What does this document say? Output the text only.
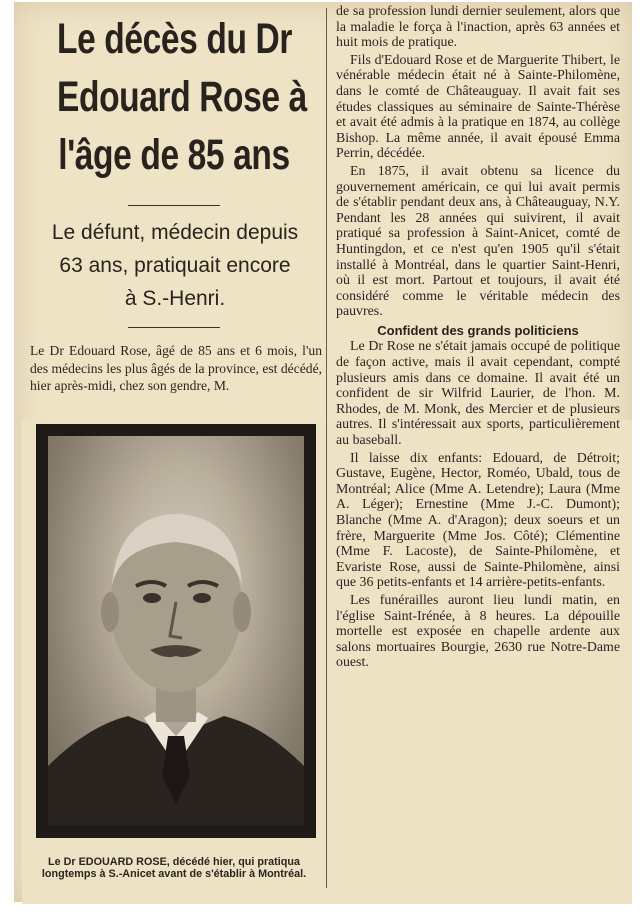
Le décès du Dr
Edouard Rose à
l'âge de 85 ans
Le défunt, médecin depuis
63 ans, pratiquait encore
à S.-Henri.
Le Dr Edouard Rose, âgé de 85 ans et 6 mois, l'un des médecins les plus âgés de la province, est décédé, hier après-midi, chez son gendre, M.
Le Dr EDOUARD ROSE, décédé hier, qui pratiqua longtemps à S.-Anicet avant de s'établir à Montréal.

de sa profession lundi dernier seulement, alors que la maladie le força à l'inaction, après 63 années et huit mois de pratique.

Fils d'Edouard Rose et de Marguerite Thibert, le vénérable médecin était né à Sainte-Philomène, dans le comté de Châteauguay. Il avait fait ses études classiques au séminaire de Sainte-Thérèse et avait été admis à la pratique en 1874, au collège Bishop. La même année, il avait épousé Emma Perrin, décédée.

En 1875, il avait obtenu sa licence du gouvernement américain, ce qui lui avait permis de s'établir pendant deux ans, à Châteauguay, N.Y. Pendant les 28 années qui suivirent, il avait pratiqué sa profession à Saint-Anicet, comté de Huntingdon, et ce n'est qu'en 1905 qu'il s'était installé à Montréal, dans le quartier Saint-Henri, où il est mort. Partout et toujours, il avait été considéré comme le véritable médecin des pauvres.

Confident des grands politiciens

Le Dr Rose ne s'était jamais occupé de politique de façon active, mais il avait cependant, compté plusieurs amis dans ce domaine. Il avait été un confident de sir Wilfrid Laurier, de l'hon. M. Rhodes, de M. Monk, des Mercier et de plusieurs autres. Il s'intéressait aux sports, particulièrement au baseball.

Il laisse dix enfants: Edouard, de Détroit; Gustave, Eugène, Hector, Roméo, Ubald, tous de Montréal; Alice (Mme A. Letendre); Laura (Mme A. Léger); Ernestine (Mme J.-C. Dumont); Blanche (Mme A. d'Aragon); deux soeurs et un frère, Marguerite (Mme Jos. Côté); Clémentine (Mme F. Lacoste), de Sainte-Philomène, et Evariste Rose, aussi de Sainte-Philomène, ainsi que 36 petits-enfants et 14 arrière-petits-enfants.

Les funérailles auront lieu lundi matin, en l'église Saint-Irénée, à 8 heures. La dépouille mortelle est exposée en chapelle ardente aux salons mortuaires Bourgie, 2630 rue Notre-Dame ouest.
